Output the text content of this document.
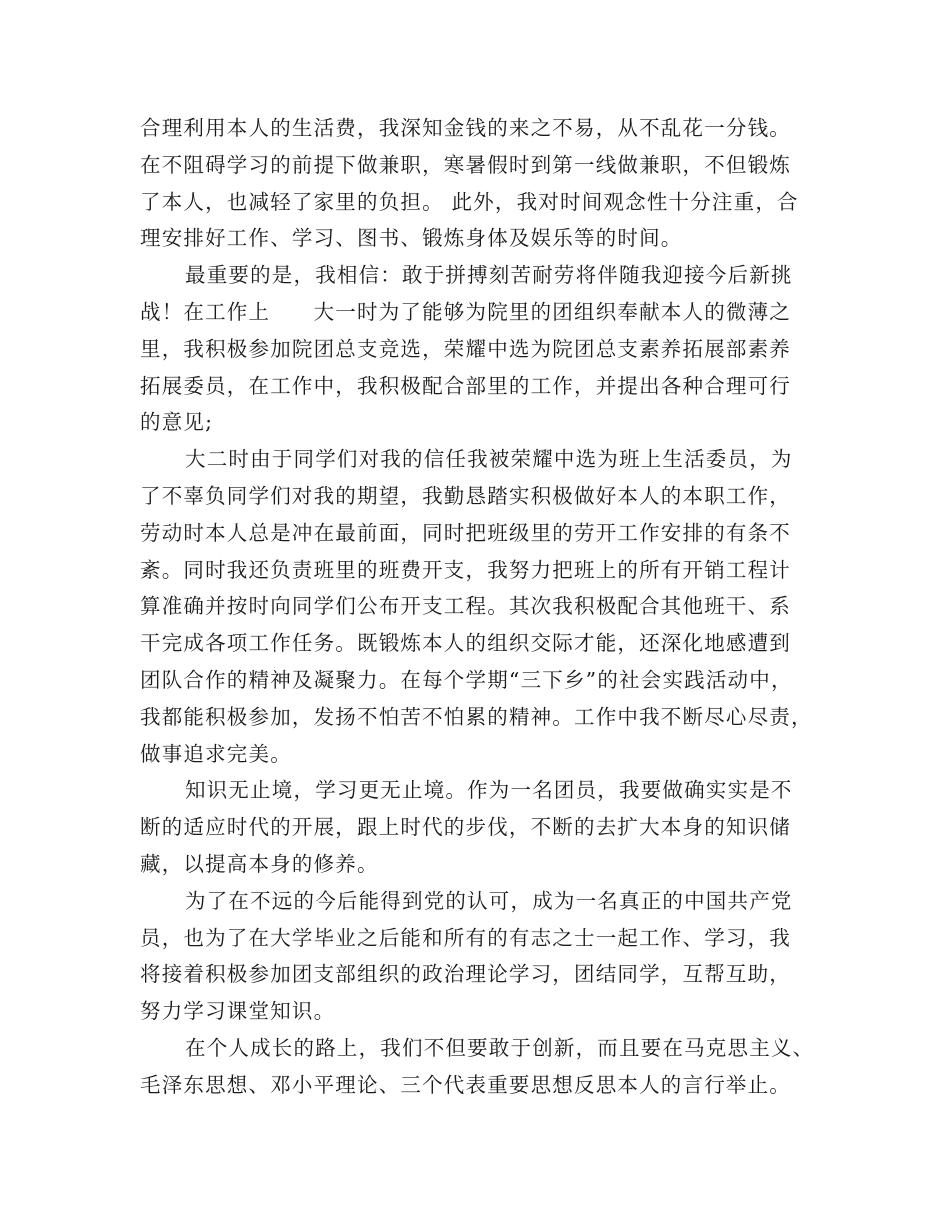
合理利用本人的生活费，我深知金钱的来之不易，从不乱花一分钱。
在不阻碍学习的前提下做兼职，寒暑假时到第一线做兼职，不但锻炼
了本人，也减轻了家里的负担。 此外，我对时间观念性十分注重，合
理安排好工作、学习、图书、锻炼身体及娱乐等的时间。
最重要的是，我相信：敢于拼搏刻苦耐劳将伴随我迎接今后新挑
战！在工作上　　大一时为了能够为院里的团组织奉献本人的微薄之
里，我积极参加院团总支竞选，荣耀中选为院团总支素养拓展部素养
拓展委员，在工作中，我积极配合部里的工作，并提出各种合理可行
的意见;
大二时由于同学们对我的信任我被荣耀中选为班上生活委员，为
了不辜负同学们对我的期望，我勤恳踏实积极做好本人的本职工作，
劳动时本人总是冲在最前面，同时把班级里的劳开工作安排的有条不
紊。同时我还负责班里的班费开支，我努力把班上的所有开销工程计
算准确并按时向同学们公布开支工程。其次我积极配合其他班干、系
干完成各项工作任务。既锻炼本人的组织交际才能，还深化地感遭到
团队合作的精神及凝聚力。在每个学期“三下乡”的社会实践活动中，
我都能积极参加，发扬不怕苦不怕累的精神。工作中我不断尽心尽责，
做事追求完美。
知识无止境，学习更无止境。作为一名团员，我要做确实实是不
断的适应时代的开展，跟上时代的步伐，不断的去扩大本身的知识储
藏，以提高本身的修养。
为了在不远的今后能得到党的认可，成为一名真正的中国共产党
员，也为了在大学毕业之后能和所有的有志之士一起工作、学习，我
将接着积极参加团支部组织的政治理论学习，团结同学，互帮互助，
努力学习课堂知识。
在个人成长的路上，我们不但要敢于创新，而且要在马克思主义、
毛泽东思想、邓小平理论、三个代表重要思想反思本人的言行举止。
